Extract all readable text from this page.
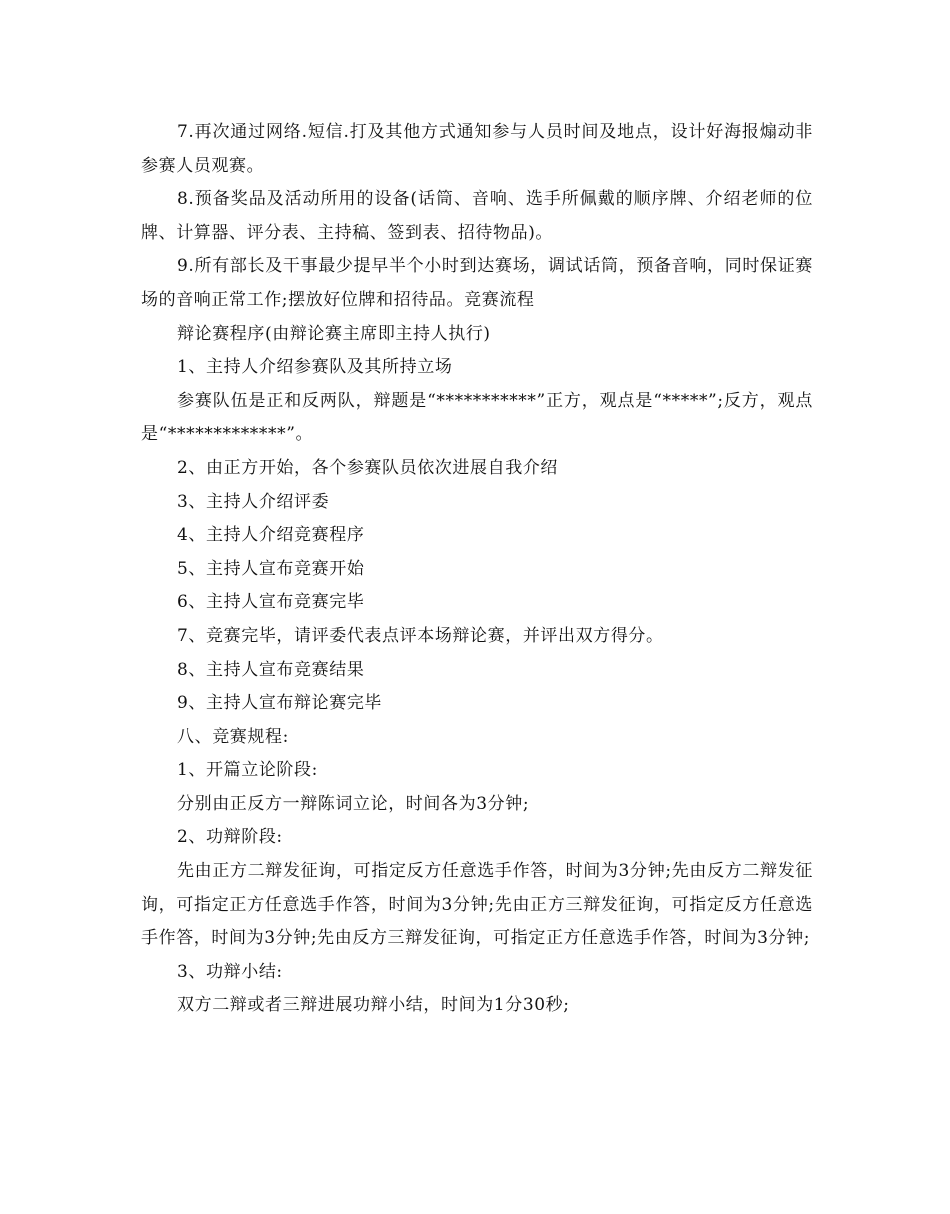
7.再次通过网络.短信.打及其他方式通知参与人员时间及地点，设计好海报煽动非参赛人员观赛。

8.预备奖品及活动所用的设备(话筒、音响、选手所佩戴的顺序牌、介绍老师的位牌、计算器、评分表、主持稿、签到表、招待物品)。

9.所有部长及干事最少提早半个小时到达赛场，调试话筒，预备音响，同时保证赛场的音响正常工作;摆放好位牌和招待品。竞赛流程

辩论赛程序(由辩论赛主席即主持人执行)

1、主持人介绍参赛队及其所持立场

参赛队伍是正和反两队，辩题是“***********”正方，观点是“*****”;反方，观点是“*************”。

2、由正方开始，各个参赛队员依次进展自我介绍

3、主持人介绍评委

4、主持人介绍竞赛程序

5、主持人宣布竞赛开始

6、主持人宣布竞赛完毕

7、竞赛完毕，请评委代表点评本场辩论赛，并评出双方得分。

8、主持人宣布竞赛结果

9、主持人宣布辩论赛完毕

八、竞赛规程:

1、开篇立论阶段:

分别由正反方一辩陈词立论，时间各为3分钟;

2、功辩阶段:

先由正方二辩发征询，可指定反方任意选手作答，时间为3分钟;先由反方二辩发征询，可指定正方任意选手作答，时间为3分钟;先由正方三辩发征询，可指定反方任意选手作答，时间为3分钟;先由反方三辩发征询，可指定正方任意选手作答，时间为3分钟;

3、功辩小结:

双方二辩或者三辩进展功辩小结，时间为1分30秒;
